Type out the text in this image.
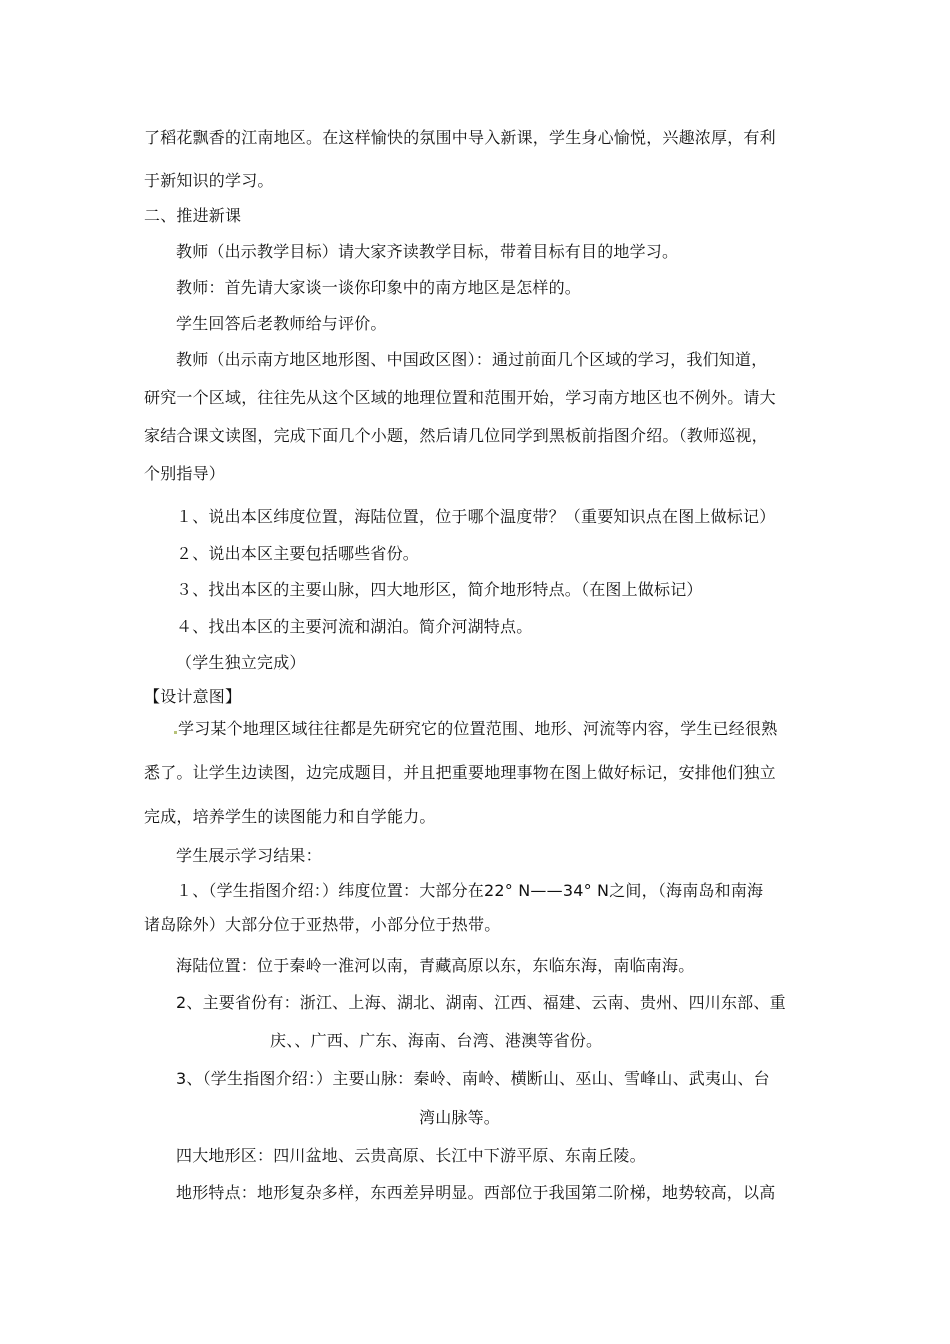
了稻花飘香的江南地区。在这样愉快的氛围中导入新课，学生身心愉悦，兴趣浓厚，有利

于新知识的学习。

二、推进新课

教师（出示教学目标）请大家齐读教学目标，带着目标有目的地学习。

教师：首先请大家谈一谈你印象中的南方地区是怎样的。

学生回答后老教师给与评价。

教师（出示南方地区地形图、中国政区图）：通过前面几个区域的学习，我们知道，

研究一个区域，往往先从这个区域的地理位置和范围开始，学习南方地区也不例外。请大

家结合课文读图，完成下面几个小题，然后请几位同学到黑板前指图介绍。（教师巡视，

个别指导）

１、说出本区纬度位置，海陆位置，位于哪个温度带？（重要知识点在图上做标记）

２、说出本区主要包括哪些省份。

３、找出本区的主要山脉，四大地形区，简介地形特点。（在图上做标记）

４、找出本区的主要河流和湖泊。简介河湖特点。

（学生独立完成）

【设计意图】

学习某个地理区域往往都是先研究它的位置范围、地形、河流等内容，学生已经很熟

悉了。让学生边读图，边完成题目，并且把重要地理事物在图上做好标记，安排他们独立

完成，培养学生的读图能力和自学能力。

学生展示学习结果：

１、（学生指图介绍：）纬度位置：大部分在22° N——34° N之间，（海南岛和南海

诸岛除外）大部分位于亚热带，小部分位于热带。

海陆位置：位于秦岭一淮河以南，青藏高原以东，东临东海，南临南海。

2、主要省份有：浙江、上海、湖北、湖南、江西、福建、云南、贵州、四川东部、重

庆、、广西、广东、海南、台湾、港澳等省份。

3、（学生指图介绍：）主要山脉：秦岭、南岭、横断山、巫山、雪峰山、武夷山、台

湾山脉等。

四大地形区：四川盆地、云贵高原、长江中下游平原、东南丘陵。

地形特点：地形复杂多样，东西差异明显。西部位于我国第二阶梯，地势较高，以高
